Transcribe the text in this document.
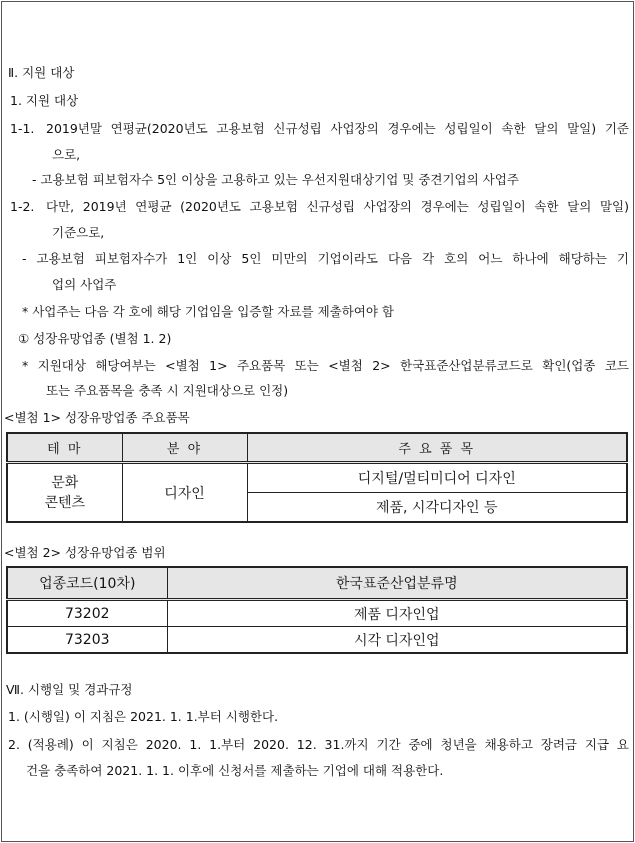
Ⅱ. 지원 대상
1. 지원 대상
1-1. 2019년말 연평균(2020년도 고용보험 신규성립 사업장의 경우에는 성립일이 속한 달의 말일) 기준
으로,
- 고용보험 피보험자수 5인 이상을 고용하고 있는 우선지원대상기업 및 중견기업의 사업주
1-2. 다만, 2019년 연평균 (2020년도 고용보험 신규성립 사업장의 경우에는 성립일이 속한 달의 말일)
기준으로,
- 고용보험 피보험자수가 1인 이상 5인 미만의 기업이라도 다음 각 호의 어느 하나에 해당하는 기
업의 사업주
* 사업주는 다음 각 호에 해당 기업임을 입증할 자료를 제출하여야 함
① 성장유망업종 (별첨 1. 2)
* 지원대상 해당여부는 <별첨 1> 주요품목 또는 <별첨 2> 한국표준산업분류코드로 확인(업종 코드
또는 주요품목을 충족 시 지원대상으로 인정)
<별첨 1> 성장유망업종 주요품목
테 마	분 야	주 요 품 목

문화
콘텐츠	디자인	디지털/멀티미디어 디자인
		제품, 시각디자인 등
<별첨 2> 성장유망업종 범위
업종코드(10차)	한국표준산업분류명
73202	제품 디자인업
73203	시각 디자인업
Ⅶ. 시행일 및 경과규정
1. (시행일) 이 지침은 2021. 1. 1.부터 시행한다.
2. (적용례) 이 지침은 2020. 1. 1.부터 2020. 12. 31.까지 기간 중에 청년을 채용하고 장려금 지급 요
건을 충족하여 2021. 1. 1. 이후에 신청서를 제출하는 기업에 대해 적용한다.
